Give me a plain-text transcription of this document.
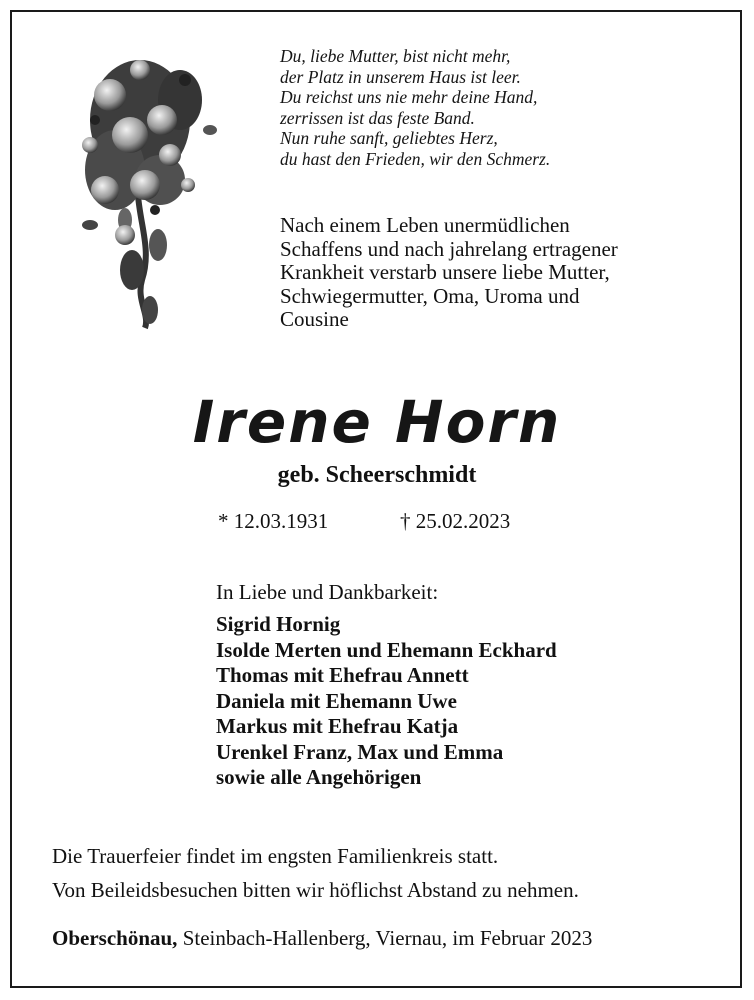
Du, liebe Mutter, bist nicht mehr,
der Platz in unserem Haus ist leer.
Du reichst uns nie mehr deine Hand,
zerrissen ist das feste Band.
Nun ruhe sanft, geliebtes Herz,
du hast den Frieden, wir den Schmerz.
Nach einem Leben unermüdlichen
Schaffens und nach jahrelang ertragener
Krankheit verstarb unsere liebe Mutter,
Schwiegermutter, Oma, Uroma und
Cousine
Irene Horn
geb. Scheerschmidt
* 12.03.1931	† 25.02.2023
In Liebe und Dankbarkeit:
Sigrid Hornig
Isolde Merten und Ehemann Eckhard
Thomas mit Ehefrau Annett
Daniela mit Ehemann Uwe
Markus mit Ehefrau Katja
Urenkel Franz, Max und Emma
sowie alle Angehörigen
Die Trauerfeier findet im engsten Familienkreis statt.
Von Beileidsbesuchen bitten wir höflichst Abstand zu nehmen.
Oberschönau, Steinbach-Hallenberg, Viernau, im Februar 2023
